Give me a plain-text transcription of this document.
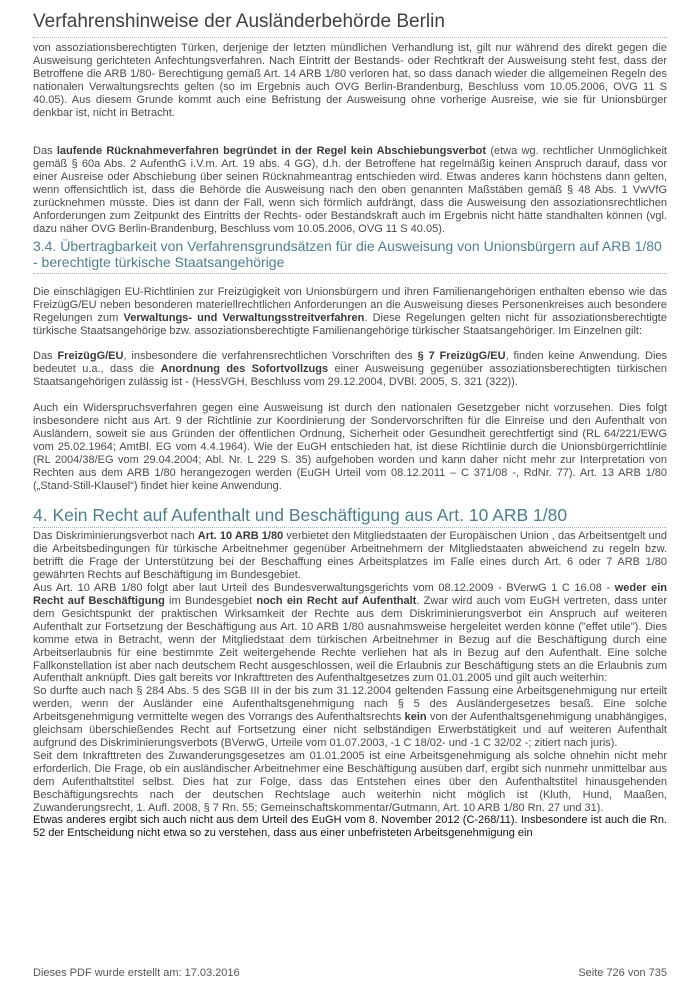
Verfahrenshinweise der Ausländerbehörde Berlin

von assoziationsberechtigten Türken, derjenige der letzten mündlichen Verhandlung ist, gilt nur während des direkt gegen die Ausweisung gerichteten Anfechtungsverfahren. Nach Eintritt der Bestands- oder Rechtkraft der Ausweisung steht fest, dass der Betroffene die ARB 1/80- Berechtigung gemäß Art. 14 ARB 1/80 verloren hat, so dass danach wieder die allgemeinen Regeln des nationalen Verwaltungsrechts gelten (so im Ergebnis auch OVG Berlin-Brandenburg, Beschluss vom 10.05.2006, OVG 11 S 40.05). Aus diesem Grunde kommt auch eine Befristung der Ausweisung ohne vorherige Ausreise, wie sie für Unionsbürger denkbar ist, nicht in Betracht.

Das laufende Rücknahmeverfahren begründet in der Regel kein Abschiebungsverbot (etwa wg. rechtlicher Unmöglichkeit gemäß § 60a Abs. 2 AufenthG i.V.m. Art. 19 abs. 4 GG), d.h. der Betroffene hat regelmäßig keinen Anspruch darauf, dass vor einer Ausreise oder Abschiebung über seinen Rücknahmeantrag entschieden wird. Etwas anderes kann höchstens dann gelten, wenn offensichtlich ist, dass die Behörde die Ausweisung nach den oben genannten Maßstäben gemäß § 48 Abs. 1 VwVfG zurücknehmen müsste. Dies ist dann der Fall, wenn sich förmlich aufdrängt, dass die Ausweisung den assoziationsrechtlichen Anforderungen zum Zeitpunkt des Eintritts der Rechts- oder Bestandskraft auch im Ergebnis nicht hätte standhalten können (vgl. dazu näher OVG Berlin-Brandenburg, Beschluss vom 10.05.2006, OVG 11 S 40.05).

3.4. Übertragbarkeit von Verfahrensgrundsätzen für die Ausweisung von Unionsbürgern auf ARB 1/80 - berechtigte türkische Staatsangehörige

Die einschlägigen EU-Richtlinien zur Freizügigkeit von Unionsbürgern und ihren Familienangehörigen enthalten ebenso wie das FreizügG/EU neben besonderen materiellrechtlichen Anforderungen an die Ausweisung dieses Personenkreises auch besondere Regelungen zum Verwaltungs- und Verwaltungsstreitverfahren. Diese Regelungen gelten nicht für assoziationsberechtigte türkische Staatsangehörige bzw. assoziationsberechtigte Familienangehörige türkischer Staatsangehöriger. Im Einzelnen gilt:

Das FreizügG/EU, insbesondere die verfahrensrechtlichen Vorschriften des § 7 FreizügG/EU, finden keine Anwendung. Dies bedeutet u.a., dass die Anordnung des Sofortvollzugs einer Ausweisung gegenüber assoziationsberechtigten türkischen Staatsangehörigen zulässig ist - (HessVGH, Beschluss vom 29.12.2004, DVBl. 2005, S. 321 (322)).

Auch ein Widerspruchsverfahren gegen eine Ausweisung ist durch den nationalen Gesetzgeber nicht vorzusehen. Dies folgt insbesondere nicht aus Art. 9 der Richtlinie zur Koordinierung der Sondervorschriften für die Einreise und den Aufenthalt von Ausländern, soweit sie aus Gründen der öffentlichen Ordnung, Sicherheit oder Gesundheit gerechtfertigt sind (RL 64/221/EWG vom 25.02.1964; AmtBl. EG vom 4.4.1964). Wie der EuGH entschieden hat, ist diese Richtlinie durch die Unionsbürgerrichtlinie (RL 2004/38/EG vom 29.04.2004; Abl. Nr. L 229 S. 35) aufgehoben worden und kann daher nicht mehr zur Interpretation von Rechten aus dem ARB 1/80 herangezogen werden (EuGH Urteil vom 08.12.2011 – C 371/08 -, RdNr. 77). Art. 13 ARB 1/80 („Stand-Still-Klausel“) findet hier keine Anwendung.

4. Kein Recht auf Aufenthalt und Beschäftigung aus Art. 10 ARB 1/80

Das Diskriminierungsverbot nach Art. 10 ARB 1/80 verbietet den Mitgliedstaaten der Europäischen Union , das Arbeitsentgelt und die Arbeitsbedingungen für türkische Arbeitnehmer gegenüber Arbeitnehmern der Mitgliedstaaten abweichend zu regeln bzw. betrifft die Frage der Unterstützung bei der Beschaffung eines Arbeitsplatzes im Falle eines durch Art. 6 oder 7 ARB 1/80 gewährten Rechts auf Beschäftigung im Bundesgebiet.

Aus Art. 10 ARB 1/80 folgt aber laut Urteil des Bundesverwaltungsgerichts vom 08.12.2009 - BVerwG 1 C 16.08 - weder ein Recht auf Beschäftigung im Bundesgebiet noch ein Recht auf Aufenthalt. Zwar wird auch vom EuGH vertreten, dass unter dem Gesichtspunkt der praktischen Wirksamkeit der Rechte aus dem Diskriminierungsverbot ein Anspruch auf weiteren Aufenthalt zur Fortsetzung der Beschäftigung aus Art. 10 ARB 1/80 ausnahmsweise hergeleitet werden könne ("effet utile"). Dies komme etwa in Betracht, wenn der Mitgliedstaat dem türkischen Arbeitnehmer in Bezug auf die Beschäftigung durch eine Arbeitserlaubnis für eine bestimmte Zeit weitergehende Rechte verliehen hat als in Bezug auf den Aufenthalt. Eine solche Fallkonstellation ist aber nach deutschem Recht ausgeschlossen, weil die Erlaubnis zur Beschäftigung stets an die Erlaubnis zum Aufenthalt anknüpft. Dies galt bereits vor Inkrafttreten des Aufenthaltgesetzes zum 01.01.2005 und gilt auch weiterhin:

So durfte auch nach § 284 Abs. 5 des SGB III in der bis zum 31.12.2004 geltenden Fassung eine Arbeitsgenehmigung nur erteilt werden, wenn der Ausländer eine Aufenthaltsgenehmigung nach § 5 des Ausländergesetzes besaß. Eine solche Arbeitsgenehmigung vermittelte wegen des Vorrangs des Aufenthaltsrechts kein von der Aufenthaltsgenehmigung unabhängiges, gleichsam überschießendes Recht auf Fortsetzung einer nicht selbständigen Erwerbstätigkeit und auf weiteren Aufenthalt aufgrund des Diskriminierungsverbots (BVerwG, Urteile vom 01.07.2003, -1 C 18/02- und -1 C 32/02 -; zitiert nach juris).

Seit dem Inkrafttreten des Zuwanderungsgesetzes am 01.01.2005 ist eine Arbeitsgenehmigung als solche ohnehin nicht mehr erforderlich. Die Frage, ob ein ausländischer Arbeitnehmer eine Beschäftigung ausüben darf, ergibt sich nunmehr unmittelbar aus dem Aufenthaltstitel selbst. Dies hat zur Folge, dass das Entstehen eines über den Aufenthaltstitel hinausgehenden Beschäftigungsrechts nach der deutschen Rechtslage auch weiterhin nicht möglich ist (Kluth, Hund, Maaßen, Zuwanderungsrecht, 1. Aufl. 2008, § 7 Rn. 55; Gemeinschaftskommentar/Gutmann, Art. 10 ARB 1/80 Rn. 27 und 31).

Etwas anderes ergibt sich auch nicht aus dem Urteil des EuGH vom 8. November 2012 (C-268/11). Insbesondere ist auch die Rn. 52 der Entscheidung nicht etwa so zu verstehen, dass aus einer unbefristeten Arbeitsgenehmigung ein

Dieses PDF wurde erstellt am: 17.03.2016	Seite 726 von 735
